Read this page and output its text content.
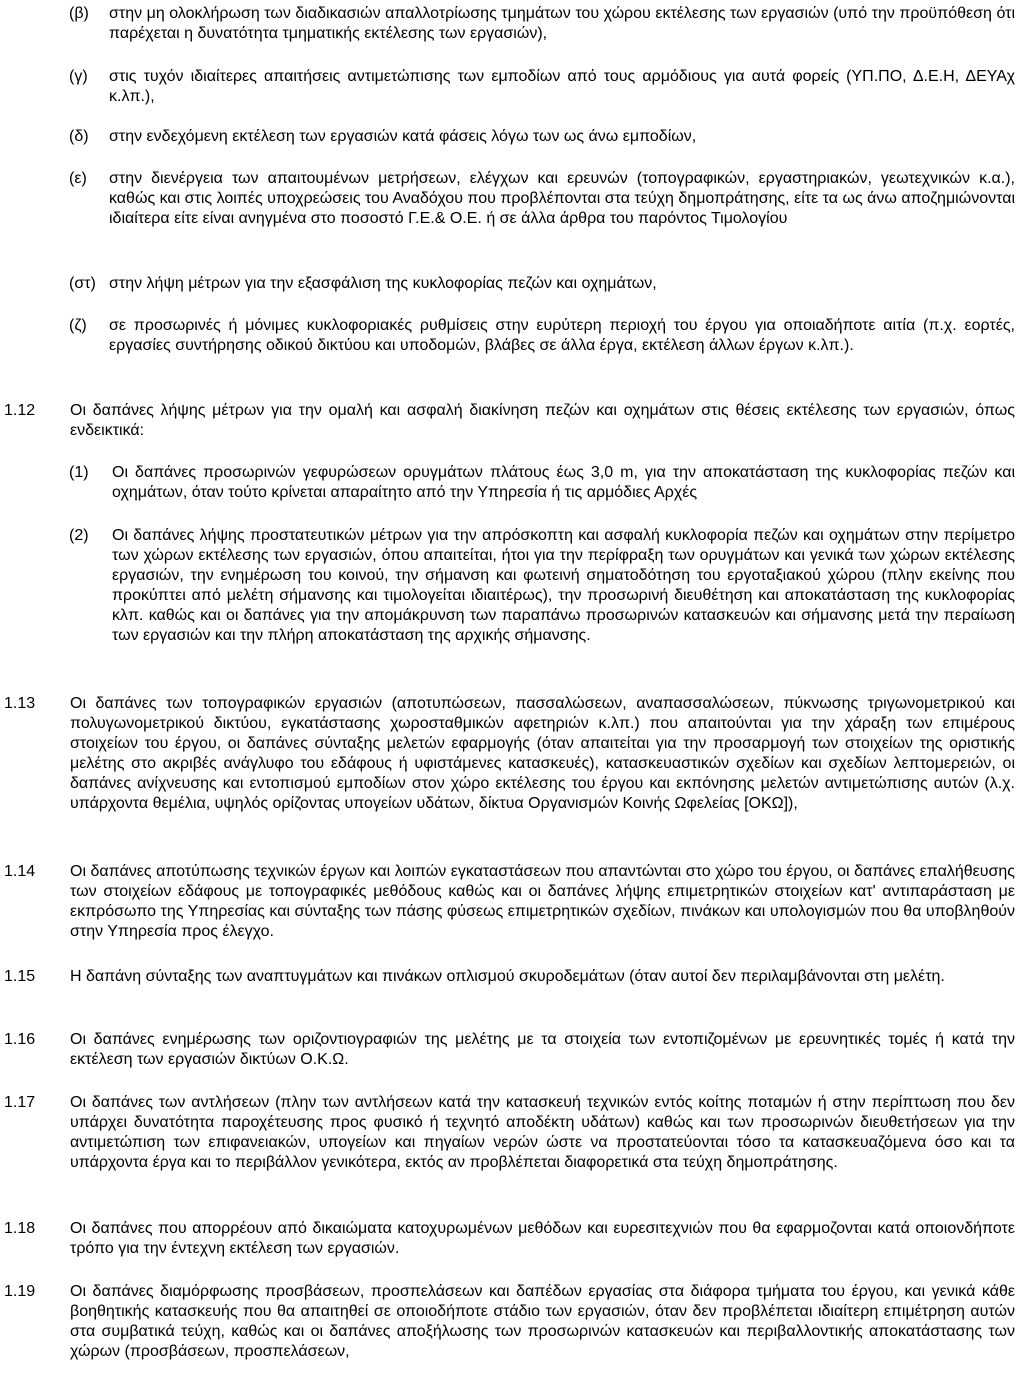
(β) στην μη ολοκλήρωση των διαδικασιών απαλλοτρίωσης τμημάτων του χώρου εκτέλεσης των εργασιών (υπό την προϋπόθεση ότι παρέχεται η δυνατότητα τμηματικής εκτέλεσης των εργασιών),
(γ) στις τυχόν ιδιαίτερες απαιτήσεις αντιμετώπισης των εμποδίων από τους αρμόδιους για αυτά φορείς (ΥΠ.ΠΟ, Δ.Ε.Η, ΔΕΥΑχ κ.λπ.),
(δ) στην ενδεχόμενη εκτέλεση των εργασιών κατά φάσεις λόγω των ως άνω εμποδίων,
(ε) στην διενέργεια των απαιτουμένων μετρήσεων, ελέγχων και ερευνών (τοπογραφικών, εργαστηριακών, γεωτεχνικών κ.α.), καθώς και στις λοιπές υποχρεώσεις του Αναδόχου που προβλέπονται στα τεύχη δημοπράτησης, είτε τα ως άνω αποζημιώνονται ιδιαίτερα είτε είναι ανηγμένα στο ποσοστό Γ.Ε.& Ο.Ε. ή σε άλλα άρθρα του παρόντος Τιμολογίου
(στ) στην λήψη μέτρων για την εξασφάλιση της κυκλοφορίας πεζών και οχημάτων,
(ζ) σε προσωρινές ή μόνιμες κυκλοφοριακές ρυθμίσεις στην ευρύτερη περιοχή του έργου για οποιαδήποτε αιτία (π.χ. εορτές, εργασίες συντήρησης οδικού δικτύου και υποδομών, βλάβες σε άλλα έργα, εκτέλεση άλλων έργων κ.λπ.).
1.12 Οι δαπάνες λήψης μέτρων για την ομαλή και ασφαλή διακίνηση πεζών και οχημάτων στις θέσεις εκτέλεσης των εργασιών, όπως ενδεικτικά:
(1) Οι δαπάνες προσωρινών γεφυρώσεων ορυγμάτων πλάτους έως 3,0 m, για την αποκατάσταση της κυκλοφορίας πεζών και οχημάτων, όταν τούτο κρίνεται απαραίτητο από την Υπηρεσία ή τις αρμόδιες Αρχές
(2) Οι δαπάνες λήψης προστατευτικών μέτρων για την απρόσκοπτη και ασφαλή κυκλοφορία πεζών και οχημάτων στην περίμετρο των χώρων εκτέλεσης των εργασιών, όπου απαιτείται, ήτοι για την περίφραξη των ορυγμάτων και γενικά των χώρων εκτέλεσης εργασιών, την ενημέρωση του κοινού, την σήμανση και φωτεινή σηματοδότηση του εργοταξιακού χώρου (πλην εκείνης που προκύπτει από μελέτη σήμανσης και τιμολογείται ιδιαιτέρως), την προσωρινή διευθέτηση και αποκατάσταση της κυκλοφορίας κλπ. καθώς και οι δαπάνες για την απομάκρυνση των παραπάνω προσωρινών κατασκευών και σήμανσης μετά την περαίωση των εργασιών και την πλήρη αποκατάσταση της αρχικής σήμανσης.
1.13 Οι δαπάνες των τοπογραφικών εργασιών (αποτυπώσεων, πασσαλώσεων, αναπασσαλώσεων, πύκνωσης τριγωνομετρικού και πολυγωνομετρικού δικτύου, εγκατάστασης χωροσταθμικών αφετηριών κ.λπ.) που απαιτούνται για την χάραξη των επιμέρους στοιχείων του έργου, οι δαπάνες σύνταξης μελετών εφαρμογής (όταν απαιτείται για την προσαρμογή των στοιχείων της οριστικής μελέτης στο ακριβές ανάγλυφο του εδάφους ή υφιστάμενες κατασκευές), κατασκευαστικών σχεδίων και σχεδίων λεπτομερειών, οι δαπάνες ανίχνευσης και εντοπισμού εμποδίων στον χώρο εκτέλεσης του έργου και εκπόνησης μελετών αντιμετώπισης αυτών (λ.χ. υπάρχοντα θεμέλια, υψηλός ορίζοντας υπογείων υδάτων, δίκτυα Οργανισμών Κοινής Ωφελείας [ΟΚΩ]),
1.14 Οι δαπάνες αποτύπωσης τεχνικών έργων και λοιπών εγκαταστάσεων που απαντώνται στο χώρο του έργου, οι δαπάνες επαλήθευσης των στοιχείων εδάφους με τοπογραφικές μεθόδους καθώς και οι δαπάνες λήψης επιμετρητικών στοιχείων κατ' αντιπαράσταση με εκπρόσωπο της Υπηρεσίας και σύνταξης των πάσης φύσεως επιμετρητικών σχεδίων, πινάκων και υπολογισμών που θα υποβληθούν στην Υπηρεσία προς έλεγχο.
1.15 Η δαπάνη σύνταξης των αναπτυγμάτων και πινάκων οπλισμού σκυροδεμάτων (όταν αυτοί δεν περιλαμβάνονται στη μελέτη.
1.16 Οι δαπάνες ενημέρωσης των οριζοντιογραφιών της μελέτης με τα στοιχεία των εντοπιζομένων με ερευνητικές τομές ή κατά την εκτέλεση των εργασιών δικτύων Ο.Κ.Ω.
1.17 Οι δαπάνες των αντλήσεων (πλην των αντλήσεων κατά την κατασκευή τεχνικών εντός κοίτης ποταμών ή στην περίπτωση που δεν υπάρχει δυνατότητα παροχέτευσης προς φυσικό ή τεχνητό αποδέκτη υδάτων) καθώς και των προσωρινών διευθετήσεων για την αντιμετώπιση των επιφανειακών, υπογείων και πηγαίων νερών ώστε να προστατεύονται τόσο τα κατασκευαζόμενα όσο και τα υπάρχοντα έργα και το περιβάλλον γενικότερα, εκτός αν προβλέπεται διαφορετικά στα τεύχη δημοπράτησης.
1.18 Οι δαπάνες που απορρέουν από δικαιώματα κατοχυρωμένων μεθόδων και ευρεσιτεχνιών που θα εφαρμοζονται κατά οποιονδήποτε τρόπο για την έντεχνη εκτέλεση των εργασιών.
1.19 Οι δαπάνες διαμόρφωσης προσβάσεων, προσπελάσεων και δαπέδων εργασίας στα διάφορα τμήματα του έργου, και γενικά κάθε βοηθητικής κατασκευής που θα απαιτηθεί σε οποιοδήποτε στάδιο των εργασιών, όταν δεν προβλέπεται ιδιαίτερη επιμέτρηση αυτών στα συμβατικά τεύχη, καθώς και οι δαπάνες αποξήλωσης των προσωρινών κατασκευών και περιβαλλοντικής αποκατάστασης των χώρων (προσβάσεων, προσπελάσεων,
